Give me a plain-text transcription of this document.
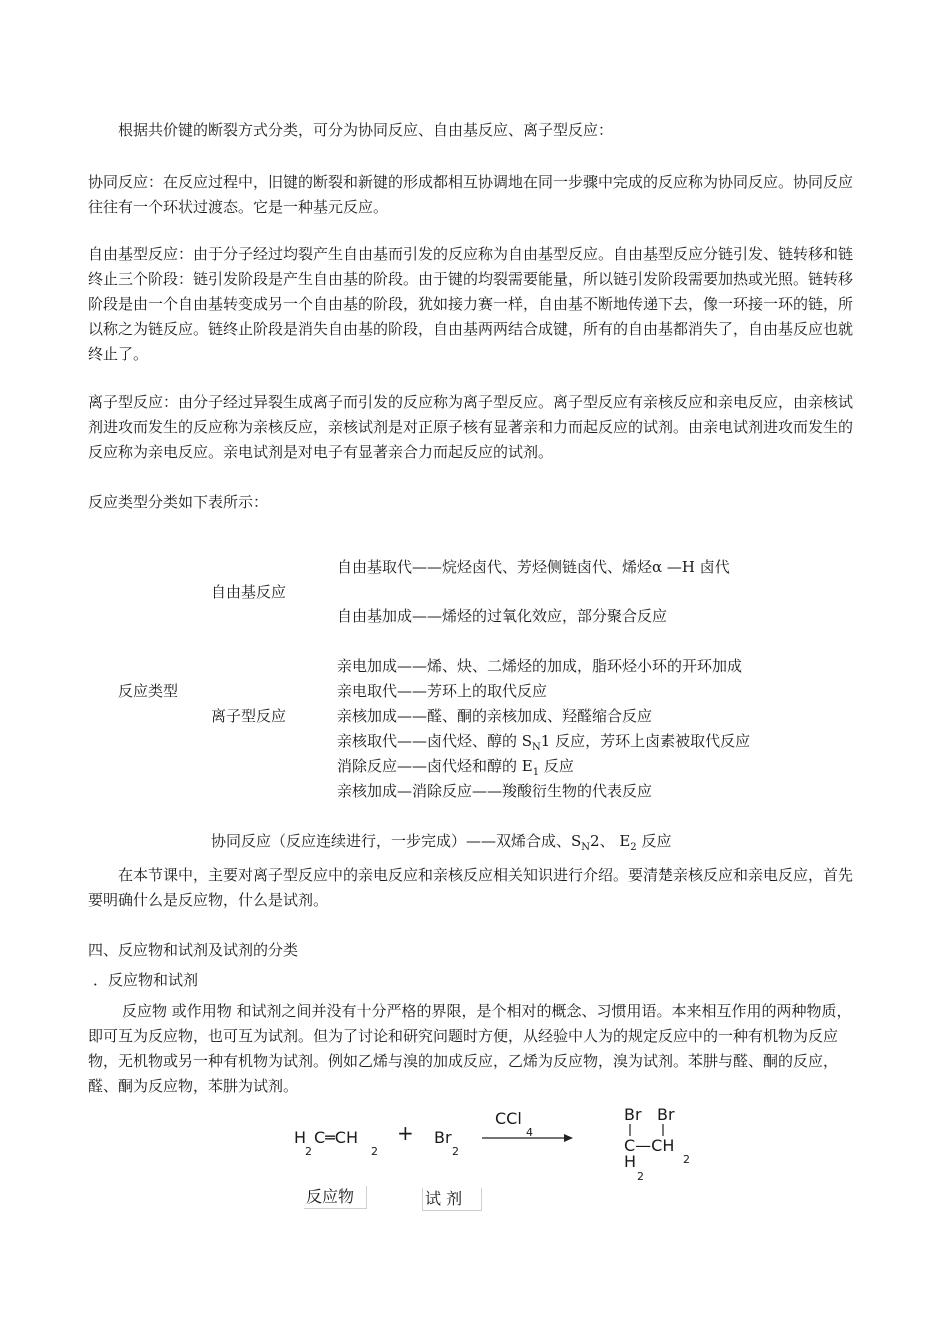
根据共价键的断裂方式分类，可分为协同反应、自由基反应、离子型反应：

协同反应：在反应过程中，旧键的断裂和新键的形成都相互协调地在同一步骤中完成的反应称为协同反应。协同反应往往有一个环状过渡态。它是一种基元反应。

自由基型反应：由于分子经过均裂产生自由基而引发的反应称为自由基型反应。自由基型反应分链引发、链转移和链终止三个阶段：链引发阶段是产生自由基的阶段。由于键的均裂需要能量，所以链引发阶段需要加热或光照。链转移阶段是由一个自由基转变成另一个自由基的阶段，犹如接力赛一样，自由基不断地传递下去，像一环接一环的链，所以称之为链反应。链终止阶段是消失自由基的阶段，自由基两两结合成键，所有的自由基都消失了，自由基反应也就终止了。

离子型反应：由分子经过异裂生成离子而引发的反应称为离子型反应。离子型反应有亲核反应和亲电反应，由亲核试剂进攻而发生的反应称为亲核反应，亲核试剂是对正原子核有显著亲和力而起反应的试剂。由亲电试剂进攻而发生的反应称为亲电反应。亲电试剂是对电子有显著亲合力而起反应的试剂。

反应类型分类如下表所示：

反应类型

自由基反应

自由基取代——烷烃卤代、芳烃侧链卤代、烯烃α —H 卤代

自由基加成——烯烃的过氧化效应，部分聚合反应

离子型反应

亲电加成——烯、炔、二烯烃的加成，脂环烃小环的开环加成

亲电取代——芳环上的取代反应

亲核加成——醛、酮的亲核加成、羟醛缩合反应

亲核取代——卤代烃、醇的 $S_N1$ 反应，芳环上卤素被取代反应

消除反应——卤代烃和醇的 $E_1$ 反应

亲核加成—消除反应——羧酸衍生物的代表反应

协同反应（反应连续进行，一步完成）——双烯合成、$S_N2$、 $E_2$ 反应

在本节课中，主要对离子型反应中的亲电反应和亲核反应相关知识进行介绍。要清楚亲核反应和亲电反应，首先要明确什么是反应物，什么是试剂。

四、反应物和试剂及试剂的分类

．反应物和试剂

反应物 或作用物 和试剂之间并没有十分严格的界限，是个相对的概念、习惯用语。本来相互作用的两种物质，即可互为反应物，也可互为试剂。但为了讨论和研究问题时方便，从经验中人为的规定反应中的一种有机物为反应物，无机物或另一种有机物为试剂。例如乙烯与溴的加成反应，乙烯为反应物，溴为试剂。苯肼与醛、酮的反应，醛、酮为反应物，苯肼为试剂。

H
2
C═CH
2
+ Br
2
CCl
4
Br Br
C—CH
2
H
2
反应物	试 剂
